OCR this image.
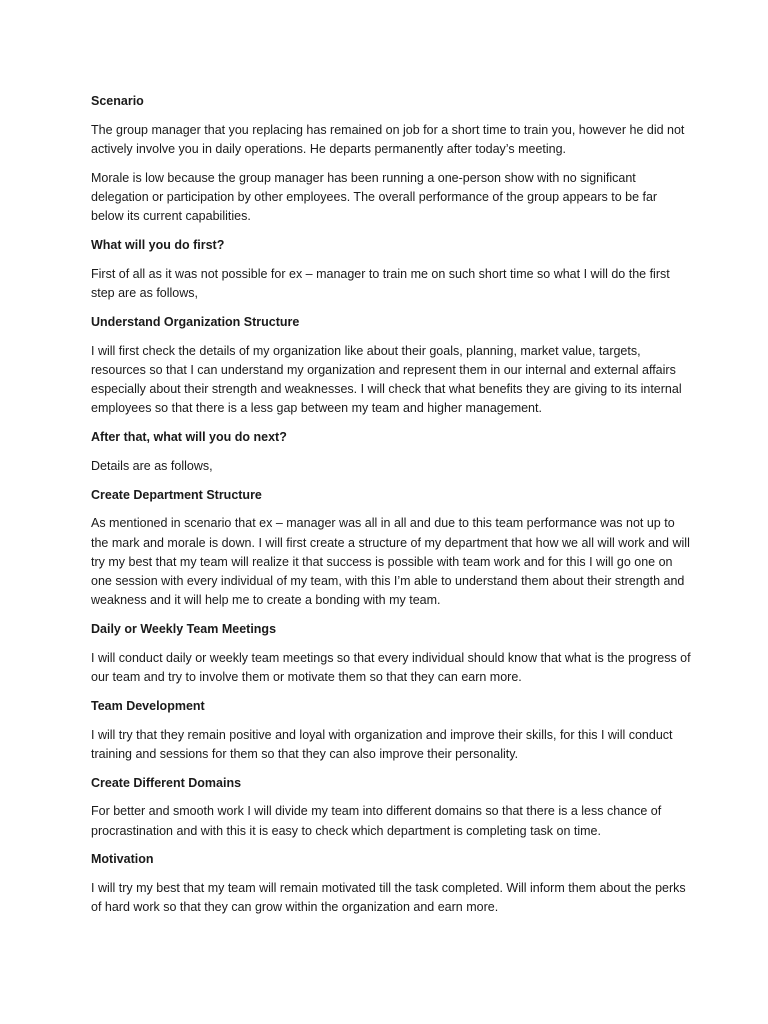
Scenario

The group manager that you replacing has remained on job for a short time to train you, however he did not actively involve you in daily operations. He departs permanently after today’s meeting.

Morale is low because the group manager has been running a one-person show with no significant delegation or participation by other employees. The overall performance of the group appears to be far below its current capabilities.

What will you do first?

First of all as it was not possible for ex – manager to train me on such short time so what I will do the first step are as follows,

Understand Organization Structure

I will first check the details of my organization like about their goals, planning, market value, targets, resources so that I can understand my organization and represent them in our internal and external affairs especially about their strength and weaknesses. I will check that what benefits they are giving to its internal employees so that there is a less gap between my team and higher management.

After that, what will you do next?

Details are as follows,

Create Department Structure

As mentioned in scenario that ex – manager was all in all and due to this team performance was not up to the mark and morale is down. I will first create a structure of my department that how we all will work and will try my best that my team will realize it that success is possible with team work and for this I will go one on one session with every individual of my team, with this I’m able to understand them about their strength and weakness and it will help me to create a bonding with my team.

Daily or Weekly Team Meetings

I will conduct daily or weekly team meetings so that every individual should know that what is the progress of our team and try to involve them or motivate them so that they can earn more.

Team Development

I will try that they remain positive and loyal with organization and improve their skills, for this I will conduct training and sessions for them so that they can also improve their personality.

Create Different Domains

For better and smooth work I will divide my team into different domains so that there is a less chance of procrastination and with this it is easy to check which department is completing task on time.

Motivation

I will try my best that my team will remain motivated till the task completed. Will inform them about the perks of hard work so that they can grow within the organization and earn more.
